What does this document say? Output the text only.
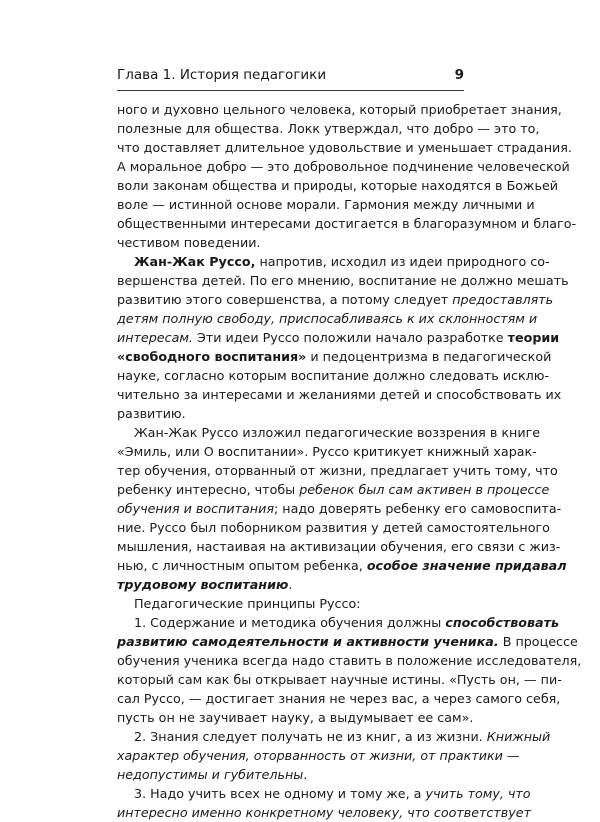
Глава 1. История педагогики	9

ного и духовно цельного человека, который приобретает знания,
полезные для общества. Локк утверждал, что добро — это то,
что доставляет длительное удовольствие и уменьшает страдания.
А моральное добро — это добровольное подчинение человеческой
воли законам общества и природы, которые находятся в Божьей
воле — истинной основе морали. Гармония между личными и
общественными интересами достигается в благоразумном и благо-
честивом поведении.

Жан-Жак Руссо, напротив, исходил из идеи природного со-
вершенства детей. По его мнению, воспитание не должно мешать
развитию этого совершенства, а потому следует предоставлять
детям полную свободу, приспосабливаясь к их склонностям и
интересам. Эти идеи Руссо положили начало разработке теории
«свободного воспитания» и педоцентризма в педагогической
науке, согласно которым воспитание должно следовать исклю-
чительно за интересами и желаниями детей и способствовать их
развитию.

Жан-Жак Руссо изложил педагогические воззрения в книге
«Эмиль, или О воспитании». Руссо критикует книжный харак-
тер обучения, оторванный от жизни, предлагает учить тому, что
ребенку интересно, чтобы ребенок был сам активен в процессе
обучения и воспитания; надо доверять ребенку его самовоспита-
ние. Руссо был поборником развития у детей самостоятельного
мышления, настаивая на активизации обучения, его связи с жиз-
нью, с личностным опытом ребенка, особое значение придавал
трудовому воспитанию.

Педагогические принципы Руссо:

1. Содержание и методика обучения должны способствовать
развитию самодеятельности и активности ученика. В процессе
обучения ученика всегда надо ставить в положение исследователя,
который сам как бы открывает научные истины. «Пусть он, — пи-
сал Руссо, — достигает знания не через вас, а через самого себя,
пусть он не заучивает науку, а выдумывает ее сам».

2. Знания следует получать не из книг, а из жизни. Книжный
характер обучения, оторванность от жизни, от практики —
недопустимы и губительны.

3. Надо учить всех не одному и тому же, а учить тому, что
интересно именно конкретному человеку, что соответствует
